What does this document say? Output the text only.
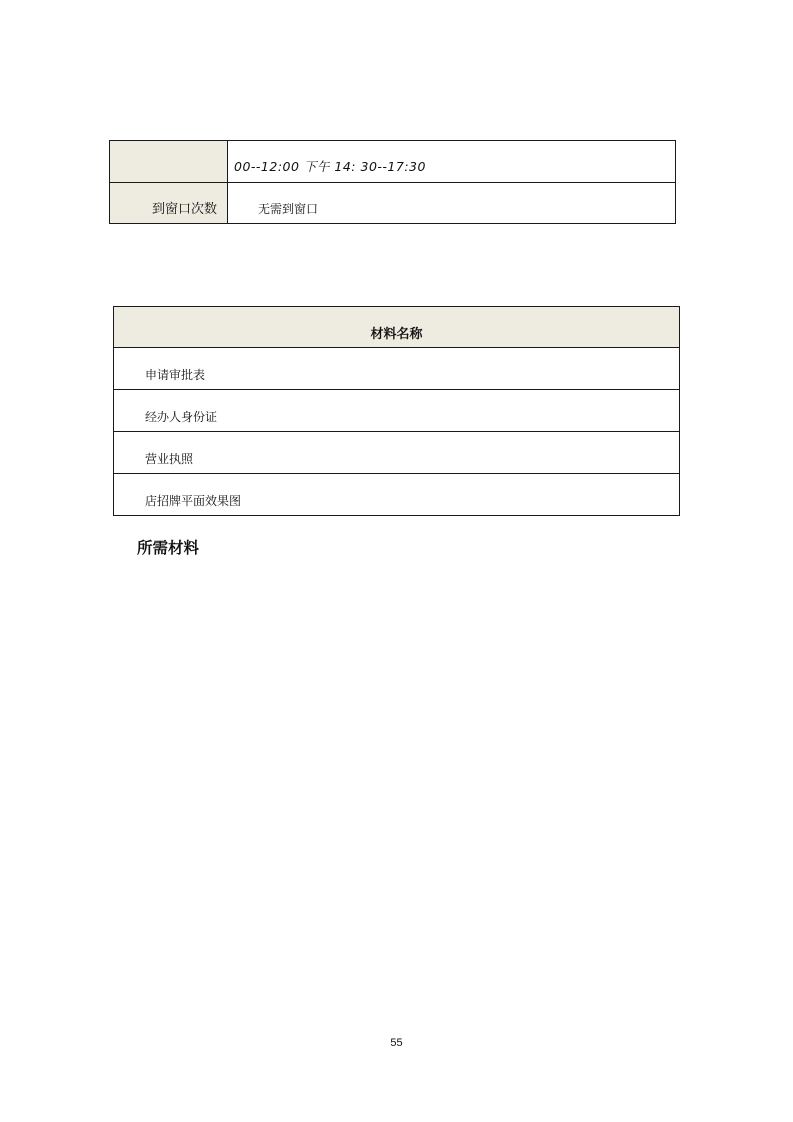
	00--12:00 下午 14: 30--17:30
到窗口次数	无需到窗口
材料名称
申请审批表
经办人身份证
营业执照
店招牌平面效果图
所需材料
55
